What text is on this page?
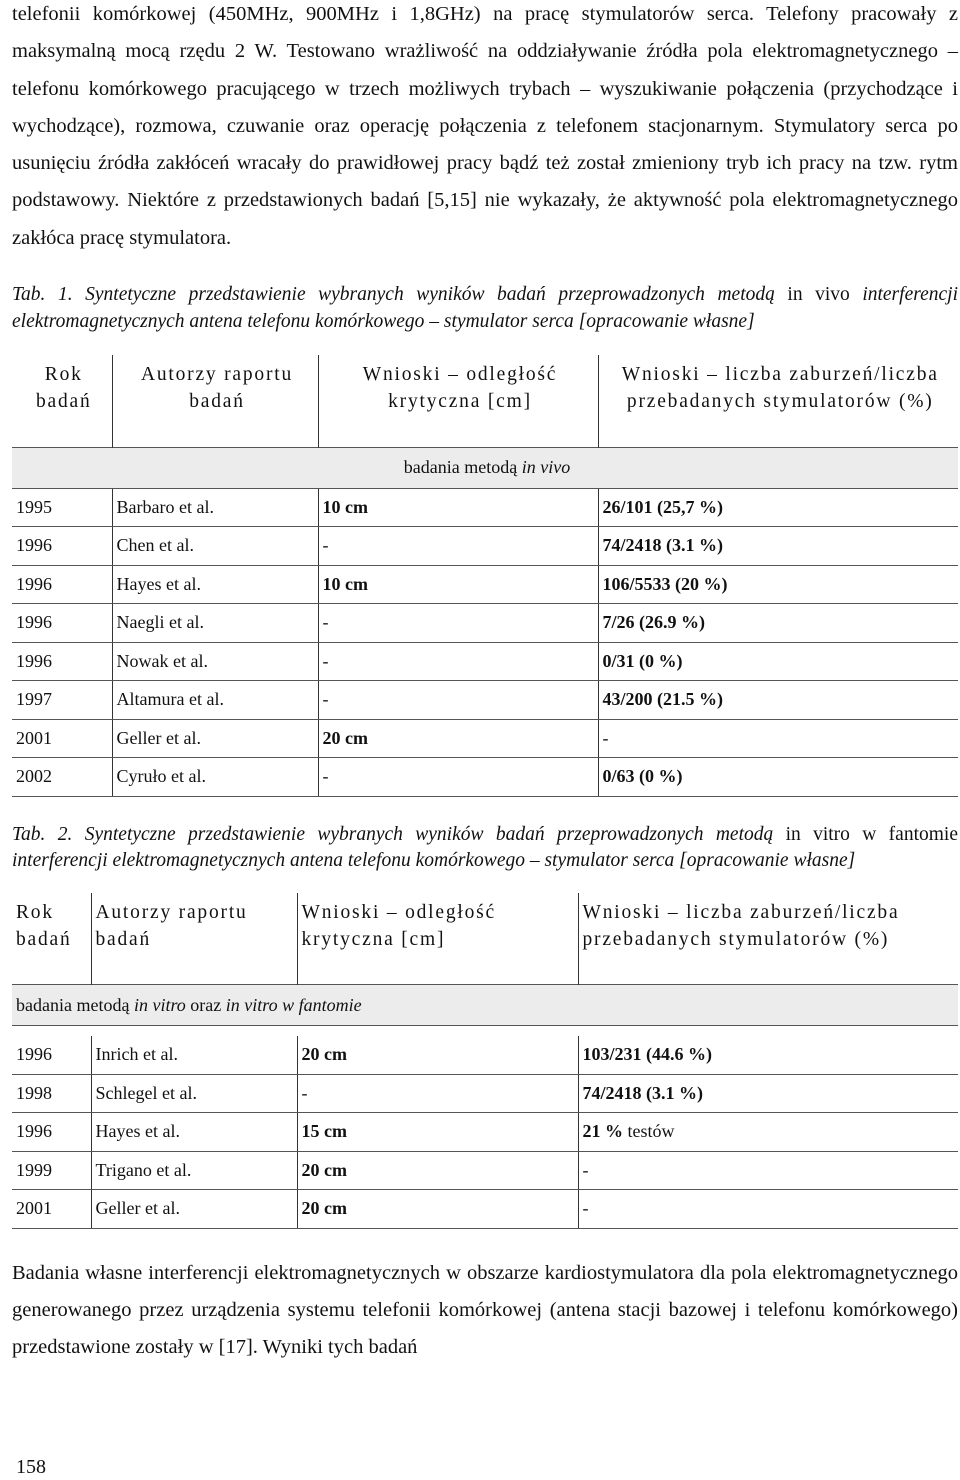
telefonii komórkowej (450MHz, 900MHz i 1,8GHz) na pracę stymulatorów serca. Telefony pracowały z maksymalną mocą rzędu 2 W. Testowano wrażliwość na oddziaływanie źródła pola elektromagnetycznego – telefonu komórkowego pracującego w trzech możliwych trybach – wyszukiwanie połączenia (przychodzące i wychodzące), rozmowa, czuwanie oraz operację połączenia z telefonem stacjonarnym. Stymulatory serca po usunięciu źródła zakłóceń wracały do prawidłowej pracy bądź też został zmieniony tryb ich pracy na tzw. rytm podstawowy. Niektóre z przedstawionych badań [5,15] nie wykazały, że aktywność pola elektromagnetycznego zakłóca pracę stymulatora.

Tab. 1. Syntetyczne przedstawienie wybranych wyników badań przeprowadzonych metodą in vivo interferencji elektromagnetycznych antena telefonu komórkowego – stymulator serca [opracowanie własne]

Rok badań	Autorzy raportu badań	Wnioski – odległość krytyczna [cm]	Wnioski – liczba zaburzeń/liczba przebadanych stymulatorów (%)
badania metodą in vivo			
1995	Barbaro et al.	10 cm	26/101 (25,7 %)
1996	Chen et al.	-	74/2418 (3.1 %)
1996	Hayes et al.	10 cm	106/5533 (20 %)
1996	Naegli et al.	-	7/26 (26.9 %)
1996	Nowak et al.	-	0/31 (0 %)
1997	Altamura et al.	-	43/200 (21.5 %)
2001	Geller et al.	20 cm	-
2002	Cyruło et al.	-	0/63 (0 %)

Tab. 2. Syntetyczne przedstawienie wybranych wyników badań przeprowadzonych metodą in vitro w fantomie interferencji elektromagnetycznych antena telefonu komórkowego – stymulator serca [opracowanie własne]

Rok badań	Autorzy raportu badań	Wnioski – odległość krytyczna [cm]	Wnioski – liczba zaburzeń/liczba przebadanych stymulatorów (%)
badania metodą in vitro oraz in vitro w fantomie			

1996	Inrich et al.	20 cm	103/231 (44.6 %)
1998	Schlegel et al.	-	74/2418 (3.1 %)
1996	Hayes et al.	15 cm	21 % testów
1999	Trigano et al.	20 cm	-
2001	Geller et al.	20 cm	-

Badania własne interferencji elektromagnetycznych w obszarze kardiostymulatora dla pola elektromagnetycznego generowanego przez urządzenia systemu telefonii komórkowej (antena stacji bazowej i telefonu komórkowego) przedstawione zostały w [17]. Wyniki tych badań

158
